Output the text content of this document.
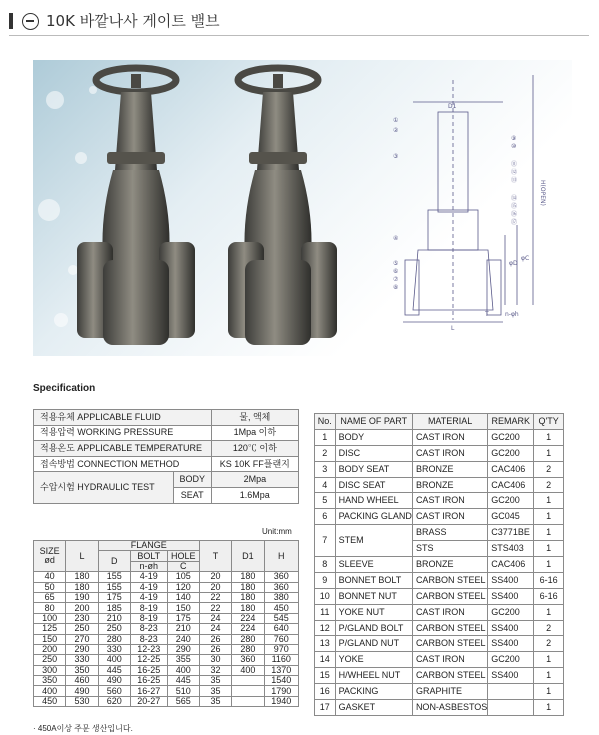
10K 바깥나사 게이트 밸브
D1
H(OPEN)
φD
φC
L
n-φh
T
①
②
③
④
⑤
⑥
⑦
⑧
⑨
⑩
⑪
⑫
⑬
⑭
⑮
⑯
⑰
Specification
적용유체 APPLICABLE FLUID		물, 액체
적용압력 WORKING PRESSURE		1Mpa 이하
적용온도 APPLICABLE TEMPERATURE		120℃ 이하
접속방법 CONNECTION METHOD		KS 10K FF플랜지
수압시험 HYDRAULIC TEST	BODY	2Mpa
	SEAT	1.6Mpa
Unit:mm
SIZE
ød	L	FLANGE			T	D1	H
		D	BOLT	HOLE			
			n-øh	C			
40	180	155	4-19	105	20	180	360
50	180	155	4-19	120	20	180	360
65	190	175	4-19	140	22	180	380
80	200	185	8-19	150	22	180	450
100	230	210	8-19	175	24	224	545
125	250	250	8-23	210	24	224	640
150	270	280	8-23	240	26	280	760
200	290	330	12-23	290	26	280	970
250	330	400	12-25	355	30	360	1160
300	350	445	16-25	400	32	400	1370
350	460	490	16-25	445	35		1540
400	490	560	16-27	510	35		1790
450	530	620	20-27	565	35		1940
· 450A이상 주문 생산입니다.
No.	NAME OF PART	MATERIAL	REMARK	Q'TY
1	BODY	CAST IRON	GC200	1
2	DISC	CAST IRON	GC200	1
3	BODY SEAT	BRONZE	CAC406	2
4	DISC SEAT	BRONZE	CAC406	2
5	HAND WHEEL	CAST IRON	GC200	1
6	PACKING GLAND	CAST IRON	GC045	1
7	STEM	BRASS	C3771BE	1
		STS	STS403	1
8	SLEEVE	BRONZE	CAC406	1
9	BONNET BOLT	CARBON STEEL	SS400	6-16
10	BONNET NUT	CARBON STEEL	SS400	6-16
11	YOKE NUT	CAST IRON	GC200	1
12	P/GLAND BOLT	CARBON STEEL	SS400	2
13	P/GLAND NUT	CARBON STEEL	SS400	2
14	YOKE	CAST IRON	GC200	1
15	H/WHEEL NUT	CARBON STEEL	SS400	1
16	PACKING	GRAPHITE		1
17	GASKET	NON-ASBESTOS		1
